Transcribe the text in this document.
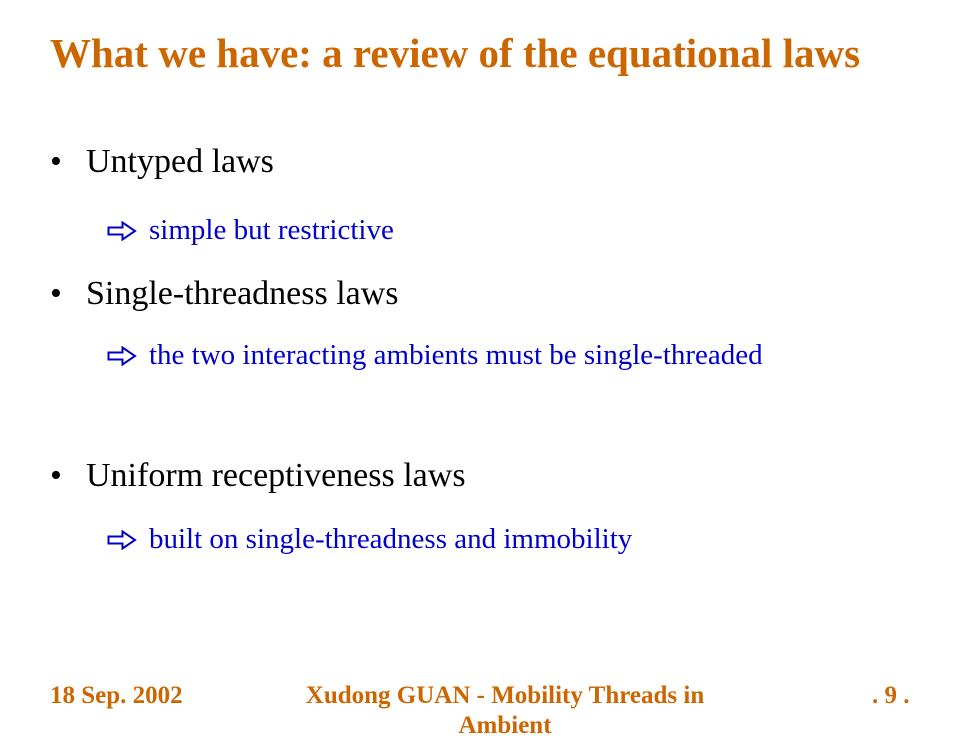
What we have: a review of the equational laws
• Untyped laws
simple but restrictive
• Single-threadness laws
the two interacting ambients must be single-threaded
• Uniform receptiveness laws
built on single-threadness and immobility
18 Sep. 2002	Xudong GUAN - Mobility Threads in Ambient
. 9 .
